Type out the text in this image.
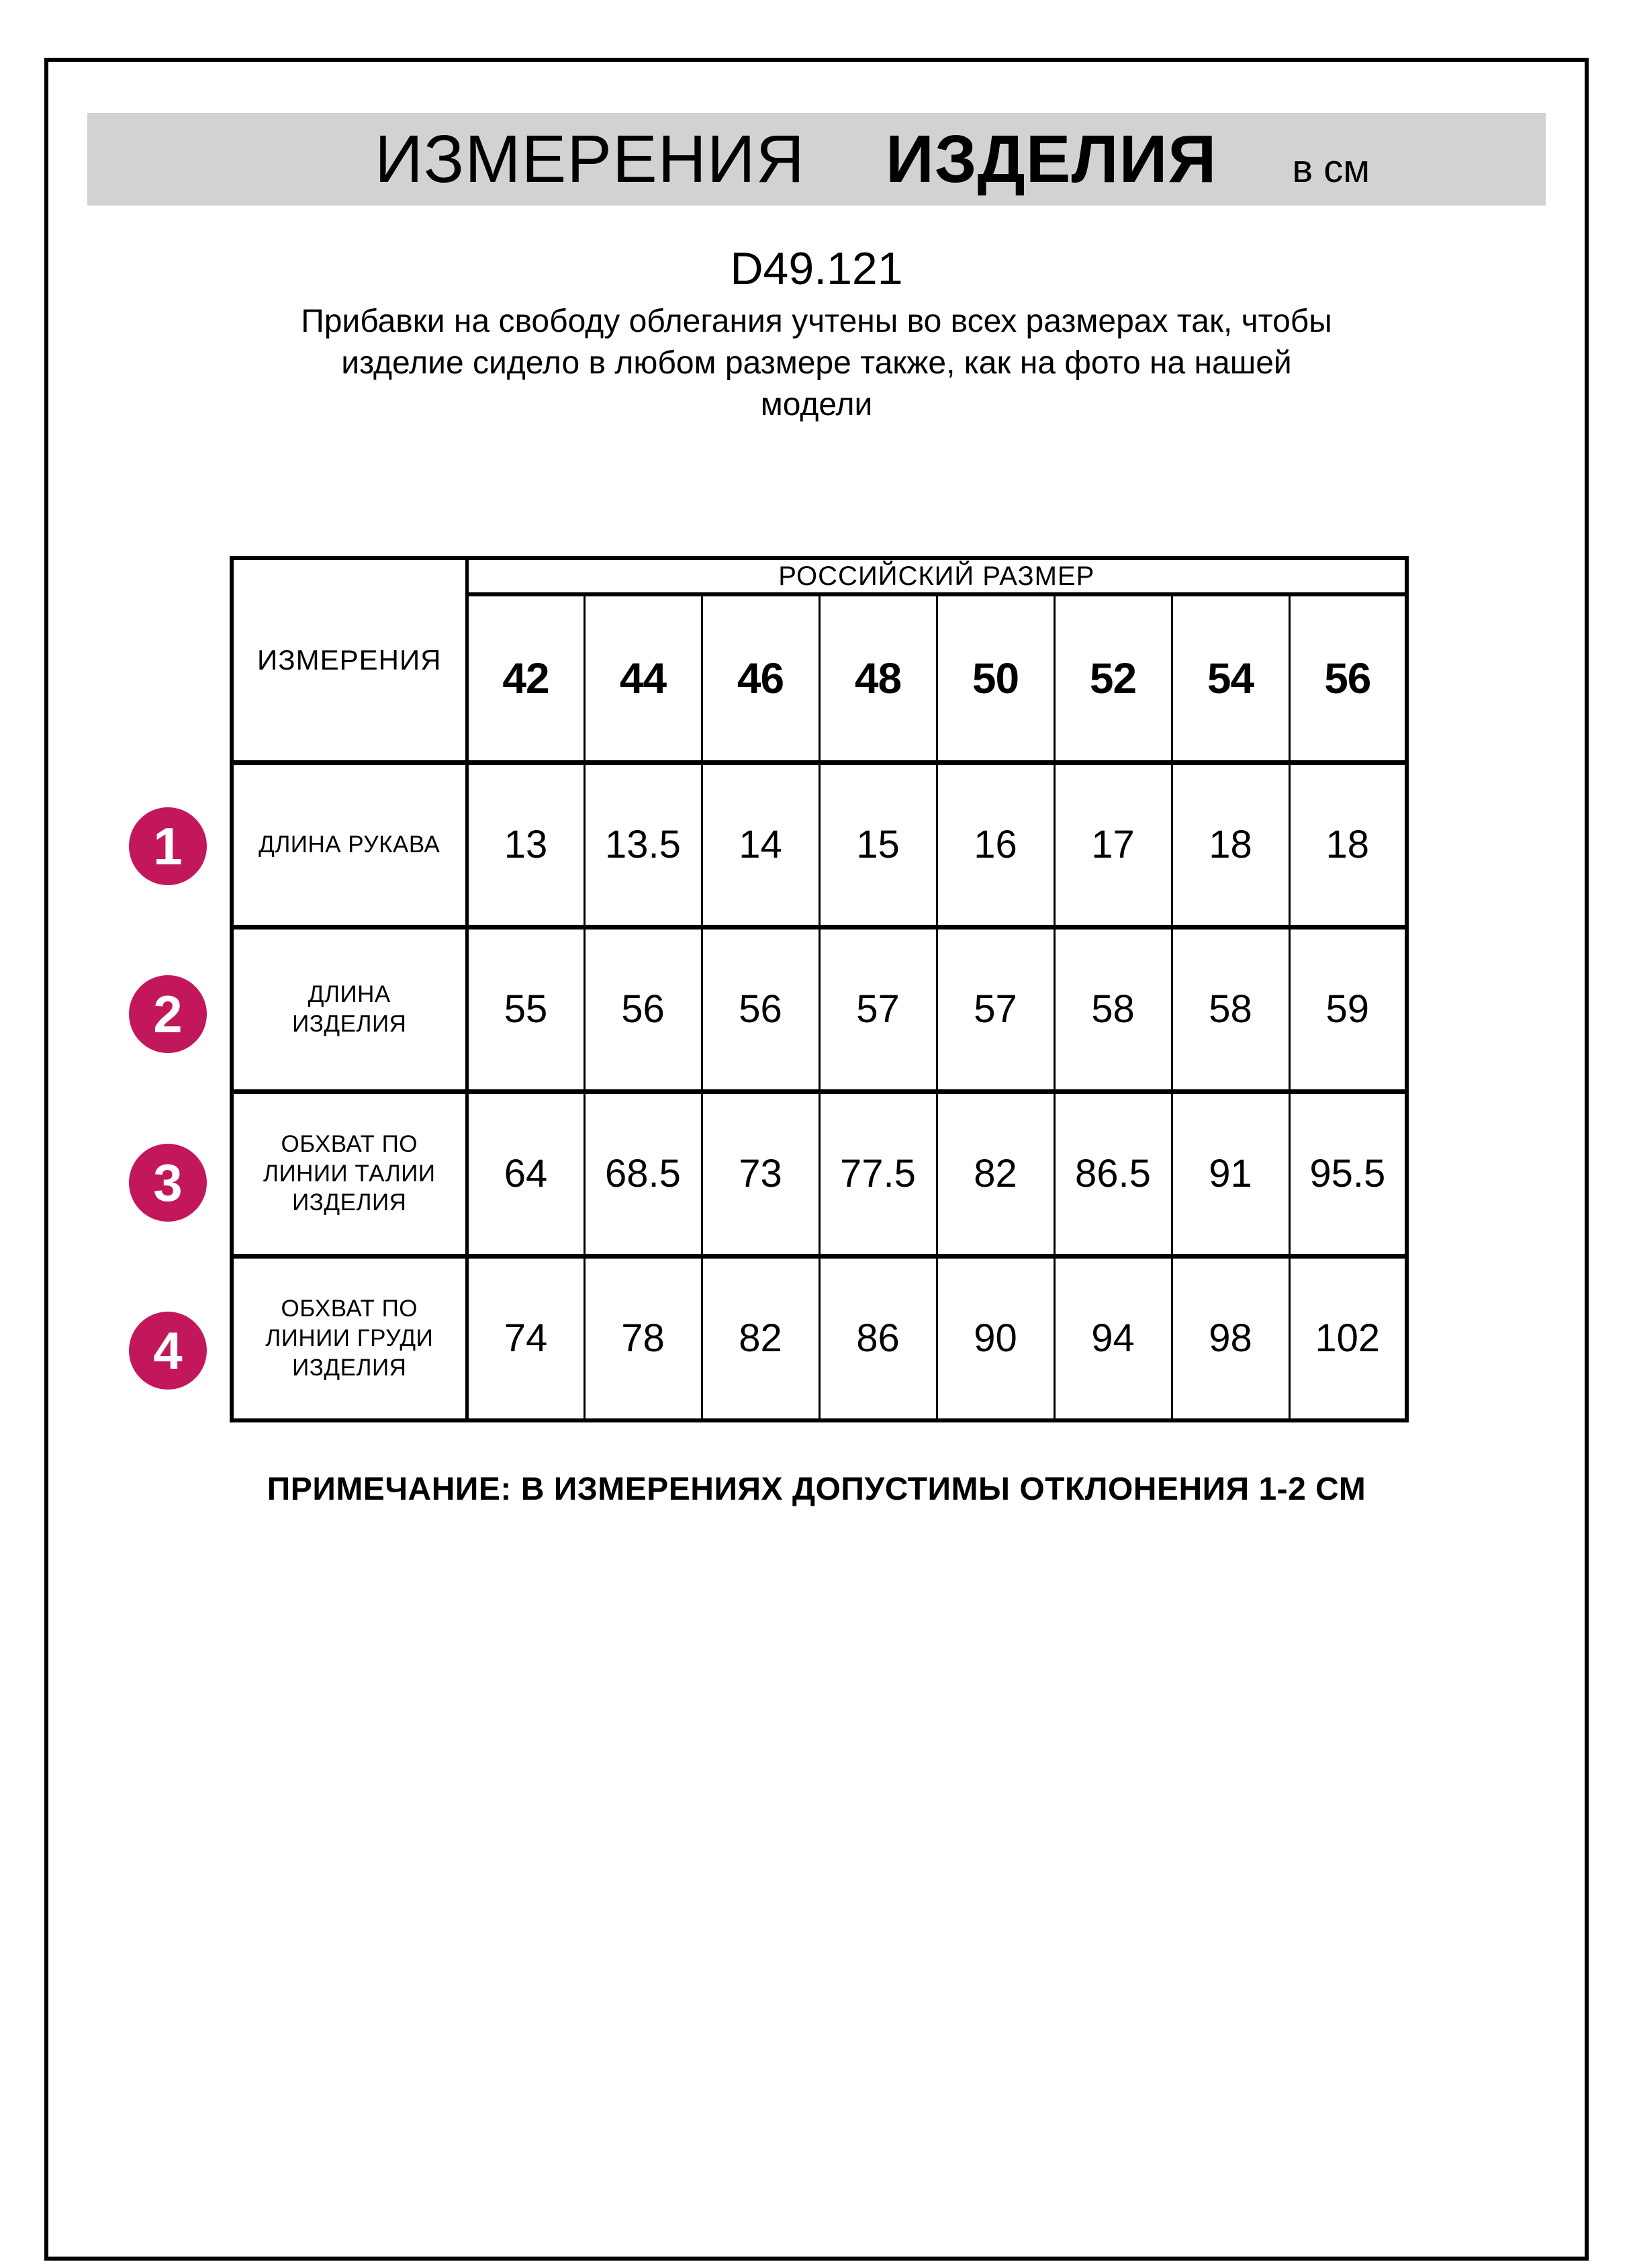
ИЗМЕРЕНИЯ ИЗДЕЛИЯ в см
D49.121
Прибавки на свободу облегания учтены во всех размерах так, чтобы
изделие сидело в любом размере также, как на фото на нашей
модели
ИЗМЕРЕНИЯ	РОССИЙСКИЙ РАЗМЕР							
	42	44	46	48	50	52	54	56
ДЛИНА РУКАВА	13	13.5	14	15	16	17	18	18
ДЛИНА ИЗДЕЛИЯ	55	56	56	57	57	58	58	59
ОБХВАТ ПО ЛИНИИ ТАЛИИ ИЗДЕЛИЯ	64	68.5	73	77.5	82	86.5	91	95.5
ОБХВАТ ПО ЛИНИИ ГРУДИ ИЗДЕЛИЯ	74	78	82	86	90	94	98	102
1
2
3
4
ПРИМЕЧАНИЕ: В ИЗМЕРЕНИЯХ ДОПУСТИМЫ ОТКЛОНЕНИЯ 1-2 СМ
